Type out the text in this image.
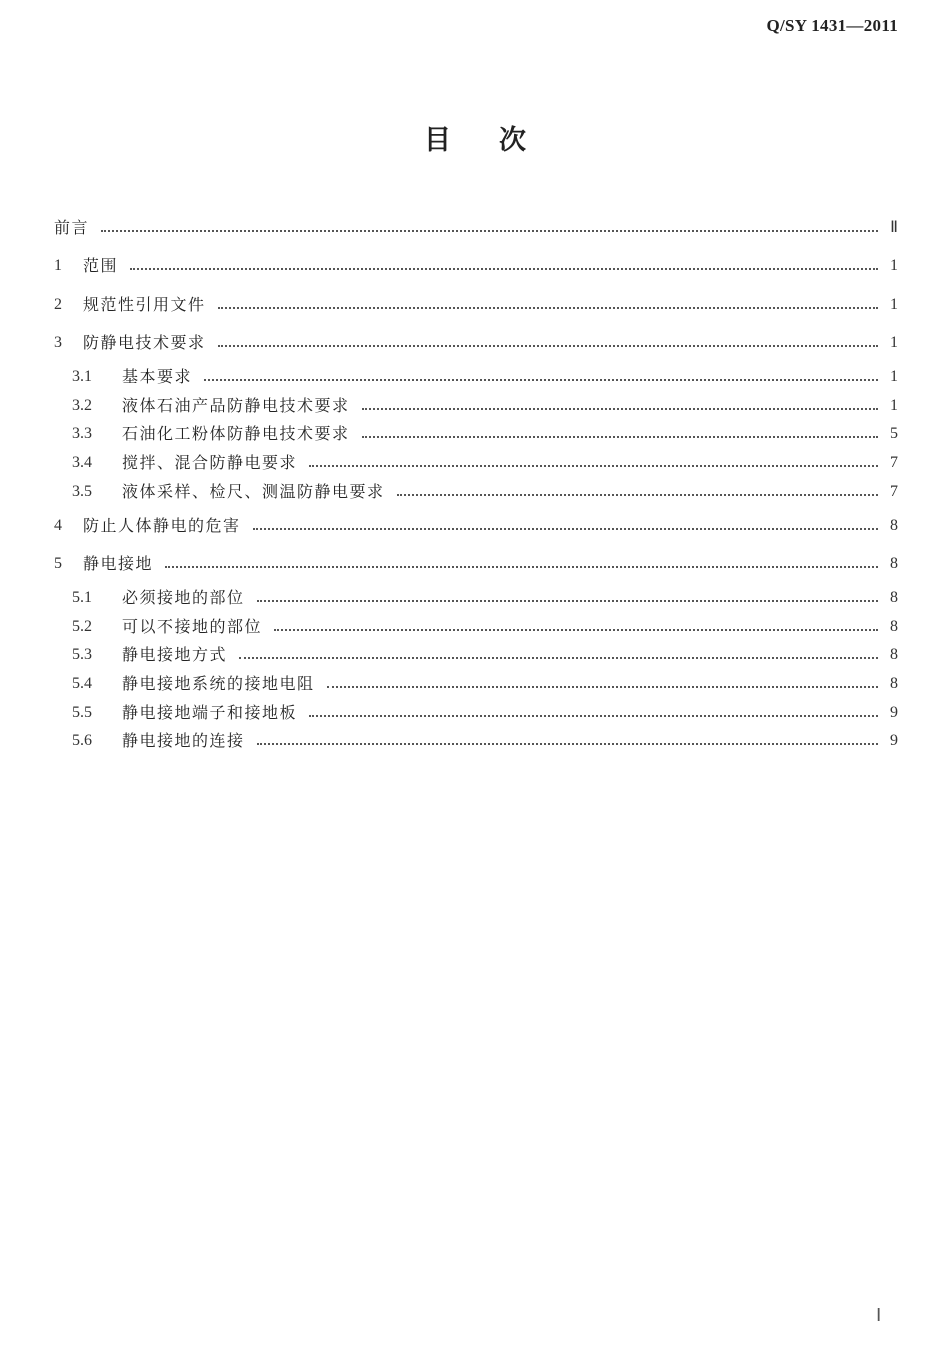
Q/SY 1431—2011
目次
前言	Ⅱ
1	范围	1
2	规范性引用文件	1
3	防静电技术要求	1
3.1	基本要求	1
3.2	液体石油产品防静电技术要求	1
3.3	石油化工粉体防静电技术要求	5
3.4	搅拌、混合防静电要求	7
3.5	液体采样、检尺、测温防静电要求	7
4	防止人体静电的危害	8
5	静电接地	8
5.1	必须接地的部位	8
5.2	可以不接地的部位	8
5.3	静电接地方式	8
5.4	静电接地系统的接地电阻	8
5.5	静电接地端子和接地板	9
5.6	静电接地的连接	9
Ⅰ
